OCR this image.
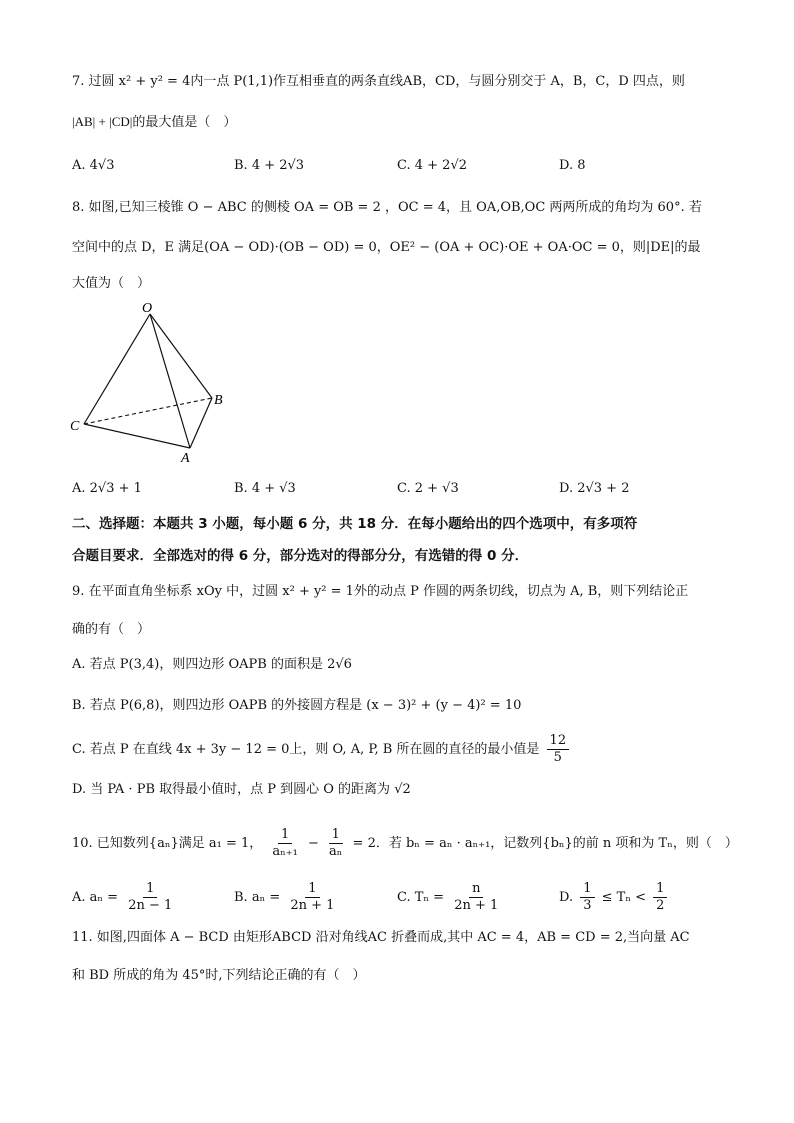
7. 过圆 x² + y² = 4内一点 P(1,1)作互相垂直的两条直线AB，CD，与圆分别交于 A，B，C，D 四点，则
|AB| + |CD|的最大值是（　）
A. 4√3	B. 4 + 2√3	C. 4 + 2√2	D. 8
8. 如图,已知三棱锥 O − ABC 的侧棱 OA = OB = 2 ，OC = 4，且 OA,OB,OC 两两所成的角均为 60°. 若
空间中的点 D，E 满足(OA − OD)·(OB − OD) = 0，OE² − (OA + OC)·OE + OA·OC = 0，则|DE|的最
大值为（　）
O
C
B
A
A. 2√3 + 1	B. 4 + √3	C. 2 + √3	D. 2√3 + 2
二、选择题：本题共 3 小题，每小题 6 分，共 18 分．在每小题给出的四个选项中，有多项符
合题目要求．全部选对的得 6 分，部分选对的得部分分，有选错的得 0 分．
9. 在平面直角坐标系 xOy 中，过圆 x² + y² = 1外的动点 P 作圆的两条切线，切点为 A, B，则下列结论正
确的有（　）
A. 若点 P(3,4)，则四边形 OAPB 的面积是 2√6
B. 若点 P(6,8)，则四边形 OAPB 的外接圆方程是 (x − 3)² + (y − 4)² = 10
C. 若点 P 在直线 4x + 3y − 12 = 0上，则 O, A, P, B 所在圆的直径的最小值是 $\frac{12}{5}$
D. 当 PA · PB 取得最小值时，点 P 到圆心 O 的距离为 √2
10. 已知数列{aₙ}满足 a₁ = 1， $\frac{1}{\text{aₙ₊₁}} - \frac{1}{\text{aₙ}} = 2$．若 bₙ = aₙ · aₙ₊₁，记数列{bₙ}的前 n 项和为 Tₙ，则（　）
A. $a_n = \frac{1}{2n - 1}$	B. $a_n = \frac{1}{2n + 1}$	C. $T_n = \frac{n}{2n + 1}$	D. $\frac{1}{3} \le T_n < \frac{1}{2}$
11. 如图,四面体 A − BCD 由矩形ABCD 沿对角线AC 折叠而成,其中 AC = 4，AB = CD = 2,当向量 AC
和 BD 所成的角为 45°时,下列结论正确的有（　）
